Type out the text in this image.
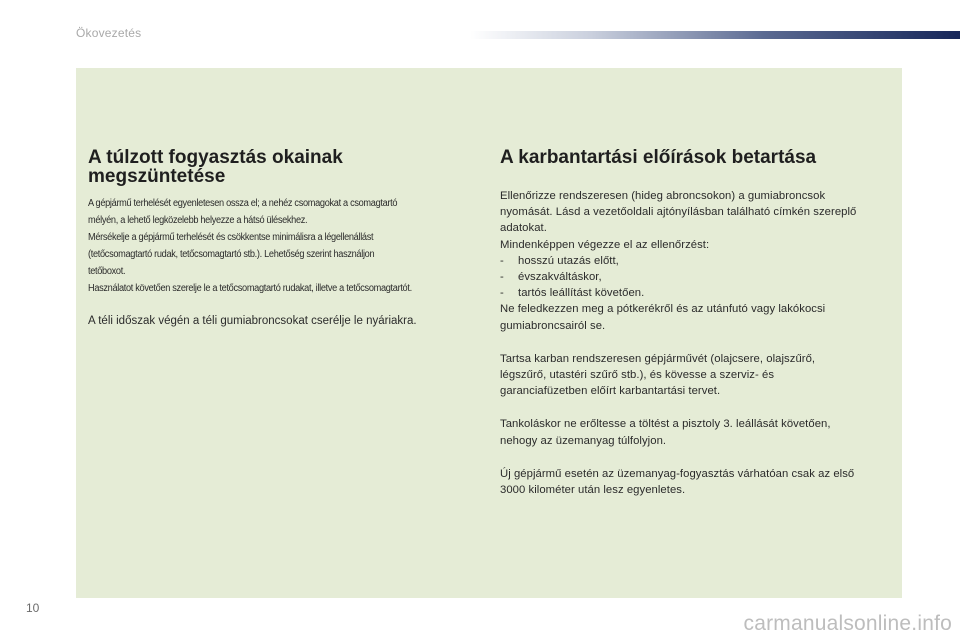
Ökovezetés
A túlzott fogyasztás okainak
megszüntetése

A gépjármű terhelését egyenletesen ossza el; a nehéz csomagokat a csomagtartó

mélyén, a lehető legközelebb helyezze a hátsó ülésekhez.

Mérsékelje a gépjármű terhelését és csökkentse minimálisra a légellenállást

(tetőcsomagtartó rudak, tetőcsomagtartó stb.). Lehetőség szerint használjon

tetőboxot.

Használatot követően szerelje le a tetőcsomagtartó rudakat, illetve a tetőcsomagtartót.

A téli időszak végén a téli gumiabroncsokat cserélje le nyáriakra.

A karbantartási előírások betartása

Ellenőrizze rendszeresen (hideg abroncsokon) a gumiabroncsok

nyomását. Lásd a vezetőoldali ajtónyílásban található címkén szereplő

adatokat.

Mindenképpen végezze el az ellenőrzést:

-	hosszú utazás előtt,
-	évszakváltáskor,
-	tartós leállítást követően.

Ne feledkezzen meg a pótkerékről és az utánfutó vagy lakókocsi

gumiabroncsairól se.

Tartsa karban rendszeresen gépjárművét (olajcsere, olajszűrő,

légszűrő, utastéri szűrő stb.), és kövesse a szerviz- és

garanciafüzetben előírt karbantartási tervet.

Tankoláskor ne erőltesse a töltést a pisztoly 3. leállását követően,

nehogy az üzemanyag túlfolyjon.

Új gépjármű esetén az üzemanyag-fogyasztás várhatóan csak az első

3000 kilométer után lesz egyenletes.

10
carmanualsonline.info
